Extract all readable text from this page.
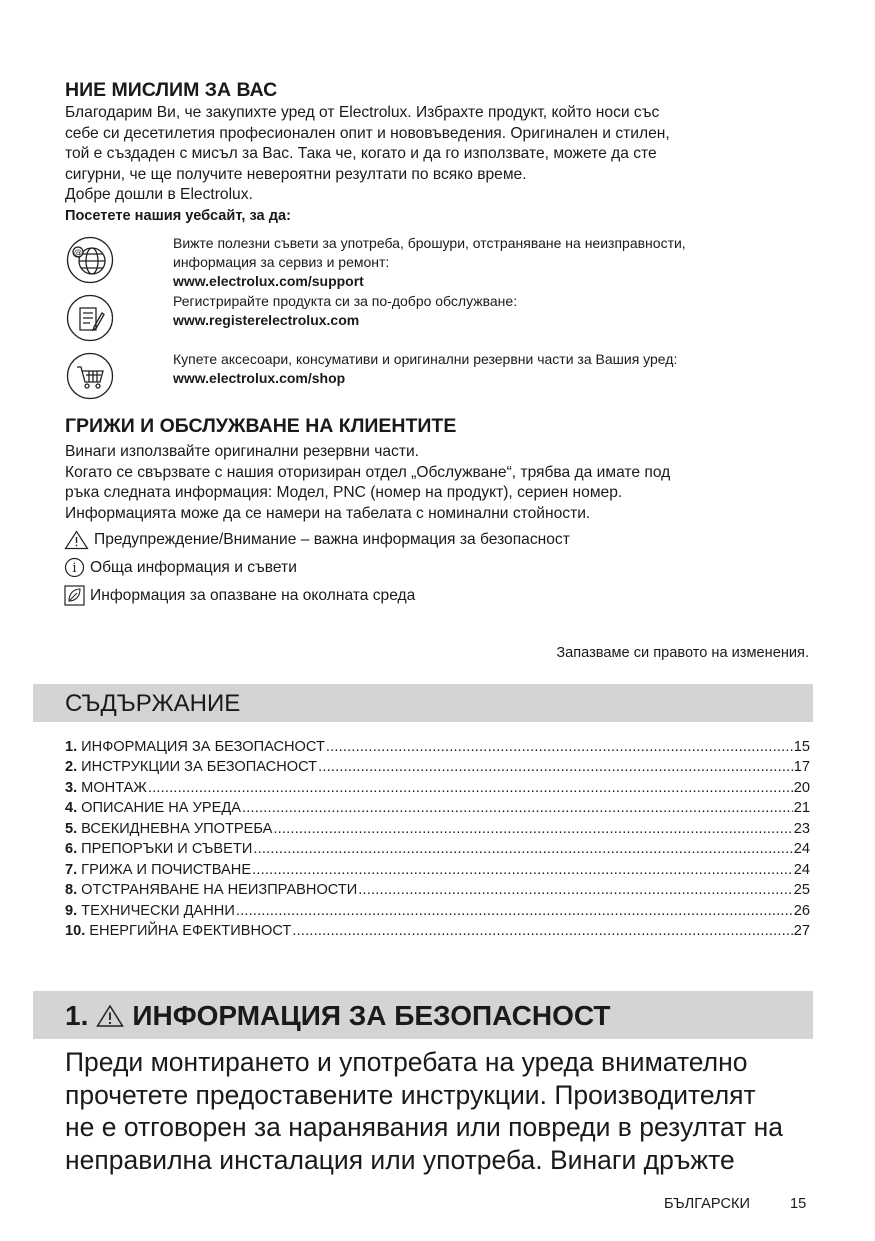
НИЕ МИСЛИМ ЗА ВАС

Благодарим Ви, че закупихте уред от Electrolux. Избрахте продукт, който носи със

себе си десетилетия професионален опит и нововъведения. Оригинален и стилен,

той е създаден с мисъл за Вас. Така че, когато и да го използвате, можете да сте

сигурни, че ще получите невероятни резултати по всяко време.

Добре дошли в Electrolux.

Посетете нашия уебсайт, за да:
@
Вижте полезни съвети за употреба, брошури, отстраняване на неизправности,
информация за сервиз и ремонт:
www.electrolux.com/support
Регистрирайте продукта си за по-добро обслужване:
www.registerelectrolux.com
Купете аксесоари, консумативи и оригинални резервни части за Вашия уред:
www.electrolux.com/shop
ГРИЖИ И ОБСЛУЖВАНЕ НА КЛИЕНТИТЕ

Винаги използвайте оригинални резервни части.

Когато се свързвате с нашия оторизиран отдел „Обслужване“, трябва да имате под

ръка следната информация: Модел, PNC (номер на продукт), сериен номер.

Информацията може да се намери на табелата с номинални стойности.

Предупреждение/Внимание – важна информация за безопасност
i Обща информация и съвети
Информация за опазване на околната среда
Запазваме си правото на изменения.
СЪДЪРЖАНИЕ
1. ИНФОРМАЦИЯ ЗА БЕЗОПАСНОСТ .....	15
2. ИНСТРУКЦИИ ЗА БЕЗОПАСНОСТ .....	17
3. МОНТАЖ .....	20
4. ОПИСАНИЕ НА УРЕДА .....	21
5. ВСЕКИДНЕВНА УПОТРЕБА .....	23
6. ПРЕПОРЪКИ И СЪВЕТИ .....	24
7. ГРИЖА И ПОЧИСТВАНЕ .....	24
8. ОТСТРАНЯВАНЕ НА НЕИЗПРАВНОСТИ .....	25
9. ТЕХНИЧЕСКИ ДАННИ .....	26
10. ЕНЕРГИЙНА ЕФЕКТИВНОСТ .....	27
1. ИНФОРМАЦИЯ ЗА БЕЗОПАСНОСТ
Преди монтирането и употребата на уреда внимателно
прочетете предоставените инструкции. Производителят
не е отговорен за наранявания или повреди в резултат на
неправилна инсталация или употреба. Винаги дръжте
БЪЛГАРСКИ	15
